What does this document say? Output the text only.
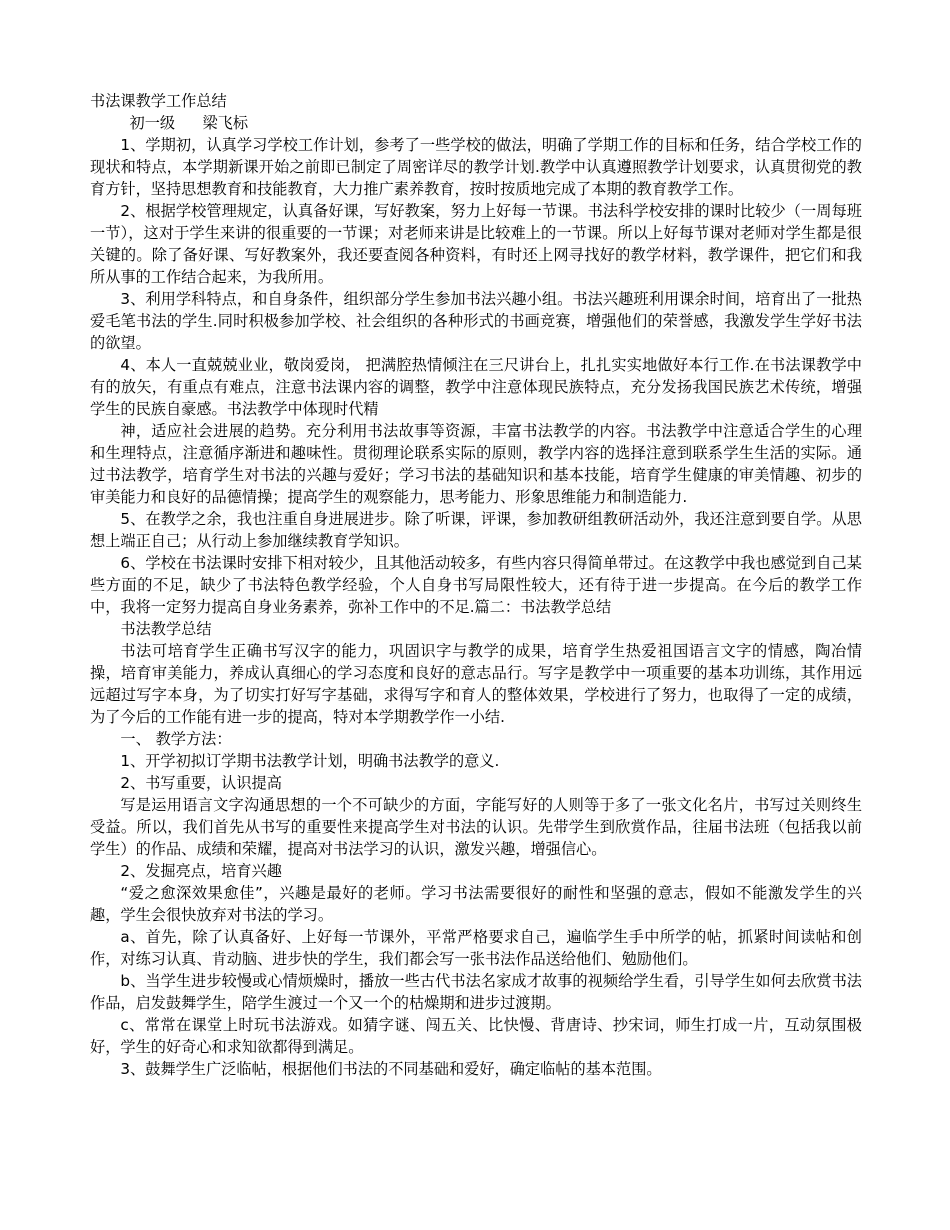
书法课教学工作总结

初一级 梁飞标

1、学期初，认真学习学校工作计划，参考了一些学校的做法，明确了学期工作的目标和任务，结合学校工作的现状和特点，本学期新课开始之前即已制定了周密详尽的教学计划.教学中认真遵照教学计划要求，认真贯彻党的教育方针，坚持思想教育和技能教育，大力推广素养教育，按时按质地完成了本期的教育教学工作。

2、根据学校管理规定，认真备好课，写好教案，努力上好每一节课。书法科学校安排的课时比较少（一周每班一节），这对于学生来讲的很重要的一节课；对老师来讲是比较难上的一节课。所以上好每节课对老师对学生都是很关键的。除了备好课、写好教案外，我还要查阅各种资料，有时还上网寻找好的教学材料，教学课件，把它们和我所从事的工作结合起来，为我所用。

3、利用学科特点，和自身条件，组织部分学生参加书法兴趣小组。书法兴趣班利用课余时间，培育出了一批热爱毛笔书法的学生.同时积极参加学校、社会组织的各种形式的书画竞赛，增强他们的荣誉感，我激发学生学好书法的欲望。

4、本人一直兢兢业业，敬岗爱岗， 把满腔热情倾注在三尺讲台上，扎扎实实地做好本行工作.在书法课教学中有的放矢，有重点有难点，注意书法课内容的调整，教学中注意体现民族特点，充分发扬我国民族艺术传统，增强学生的民族自豪感。书法教学中体现时代精

神，适应社会进展的趋势。充分利用书法故事等资源，丰富书法教学的内容。书法教学中注意适合学生的心理和生理特点，注意循序渐进和趣味性。贯彻理论联系实际的原则，教学内容的选择注意到联系学生生活的实际。通过书法教学，培育学生对书法的兴趣与爱好；学习书法的基础知识和基本技能，培育学生健康的审美情趣、初步的审美能力和良好的品德情操；提高学生的观察能力，思考能力、形象思维能力和制造能力.

5、在教学之余，我也注重自身进展进步。除了听课，评课，参加教研组教研活动外，我还注意到要自学。从思想上端正自己；从行动上参加继续教育学知识。

6、学校在书法课时安排下相对较少，且其他活动较多，有些内容只得简单带过。在这教学中我也感觉到自己某些方面的不足，缺少了书法特色教学经验，个人自身书写局限性较大，还有待于进一步提高。在今后的教学工作中，我将一定努力提高自身业务素养，弥补工作中的不足.篇二：书法教学总结

书法教学总结

书法可培育学生正确书写汉字的能力，巩固识字与教学的成果，培育学生热爱祖国语言文字的情感，陶冶情操，培育审美能力，养成认真细心的学习态度和良好的意志品行。写字是教学中一项重要的基本功训练，其作用远远超过写字本身，为了切实打好写字基础，求得写字和育人的整体效果，学校进行了努力，也取得了一定的成绩，为了今后的工作能有进一步的提高，特对本学期教学作一小结.

一、 教学方法：

1、开学初拟订学期书法教学计划，明确书法教学的意义.

2、书写重要，认识提高

写是运用语言文字沟通思想的一个不可缺少的方面，字能写好的人则等于多了一张文化名片，书写过关则终生受益。所以，我们首先从书写的重要性来提高学生对书法的认识。先带学生到欣赏作品，往届书法班（包括我以前学生）的作品、成绩和荣耀，提高对书法学习的认识，激发兴趣，增强信心。

2、发掘亮点，培育兴趣

“爱之愈深效果愈佳”，兴趣是最好的老师。学习书法需要很好的耐性和坚强的意志，假如不能激发学生的兴趣，学生会很快放弃对书法的学习。

a、首先，除了认真备好、上好每一节课外，平常严格要求自己，遍临学生手中所学的帖，抓紧时间读帖和创作，对练习认真、肯动脑、进步快的学生，我们都会写一张书法作品送给他们、勉励他们。

b、当学生进步较慢或心情烦燥时，播放一些古代书法名家成才故事的视频给学生看，引导学生如何去欣赏书法作品，启发鼓舞学生，陪学生渡过一个又一个的枯燥期和进步过渡期。

c、常常在课堂上时玩书法游戏。如猜字谜、闯五关、比快慢、背唐诗、抄宋词，师生打成一片，互动氛围极好，学生的好奇心和求知欲都得到满足。

3、鼓舞学生广泛临帖，根据他们书法的不同基础和爱好，确定临帖的基本范围。
